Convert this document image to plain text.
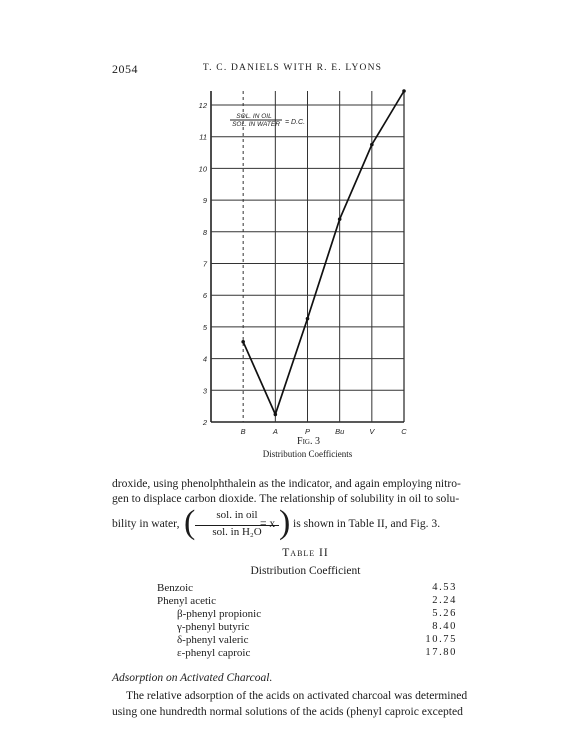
2054	T. C. DANIELS WITH R. E. LYONS
2
3
4
5
6
7
8
9
10
11
12
B	A	P	Bu	V	C
SOL. IN OIL
SOL. IN WATER = D.C.
Fig. 3
Distribution Coefficients
droxide, using phenolphthalein as the indicator, and again employing nitro-
gen to displace carbon dioxide. The relationship of solubility in oil to solu-
bility in water, (	sol. in oil
sol. in H₂O
= x ) is shown in Table II, and Fig. 3.
Table II
Distribution Coefficient
Benzoic	4.53
Phenyl acetic	2.24
β-phenyl propionic	5.26
γ-phenyl butyric	8.40
δ-phenyl valeric	10.75
ε-phenyl caproic	17.80
Adsorption on Activated Charcoal.
The relative adsorption of the acids on activated charcoal was determined
using one hundredth normal solutions of the acids (phenyl caproic excepted
